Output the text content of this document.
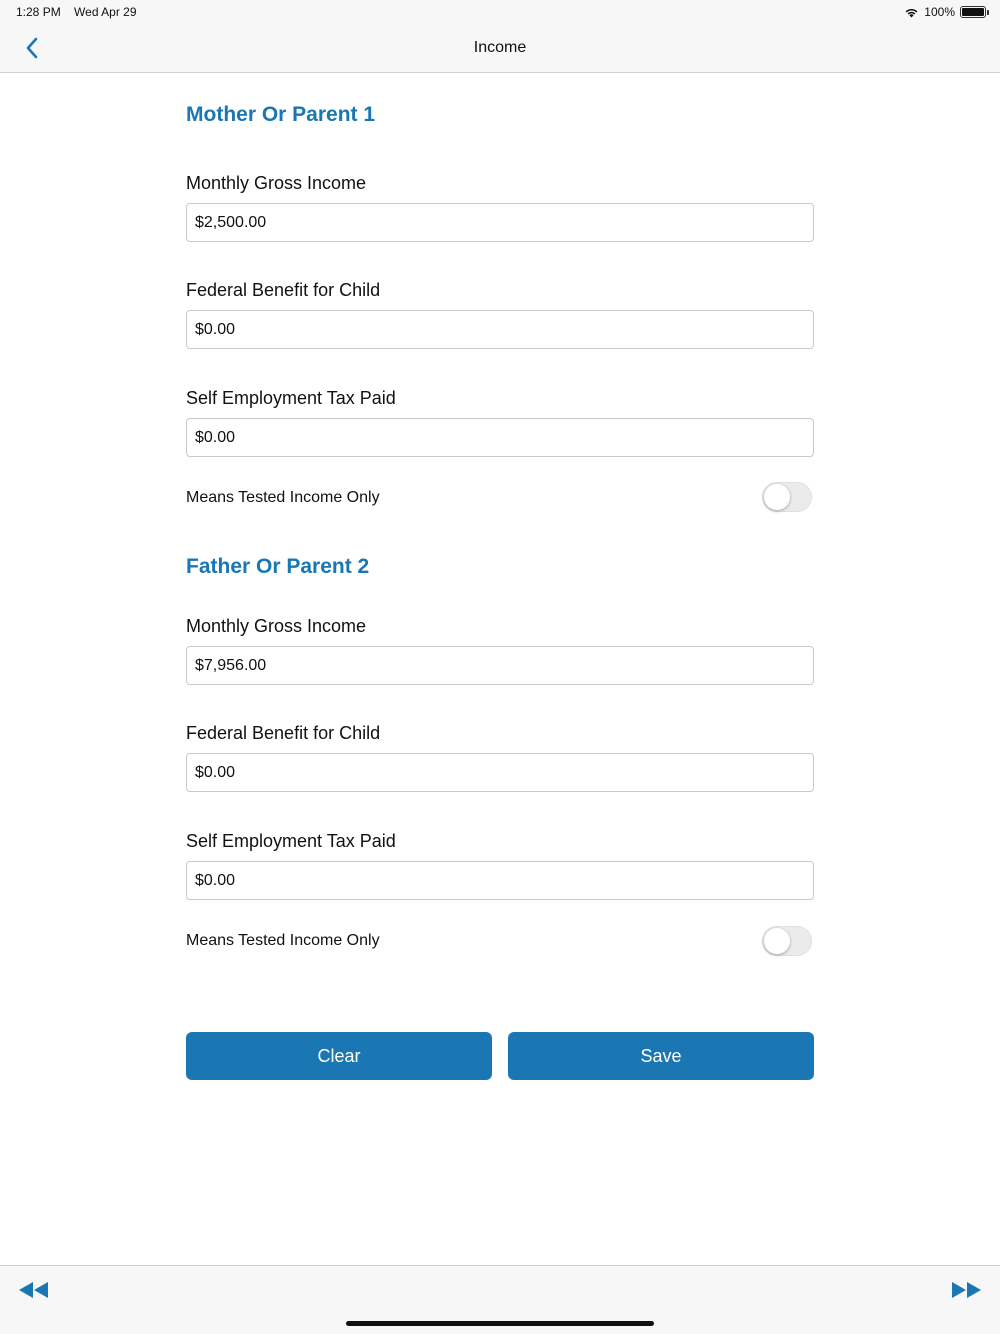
1:28 PM Wed Apr 29	100%
Income
Mother Or Parent 1
Monthly Gross Income
$2,500.00
Federal Benefit for Child
$0.00
Self Employment Tax Paid
$0.00
Means Tested Income Only
Father Or Parent 2
Monthly Gross Income
$7,956.00
Federal Benefit for Child
$0.00
Self Employment Tax Paid
$0.00
Means Tested Income Only
Clear	Save
